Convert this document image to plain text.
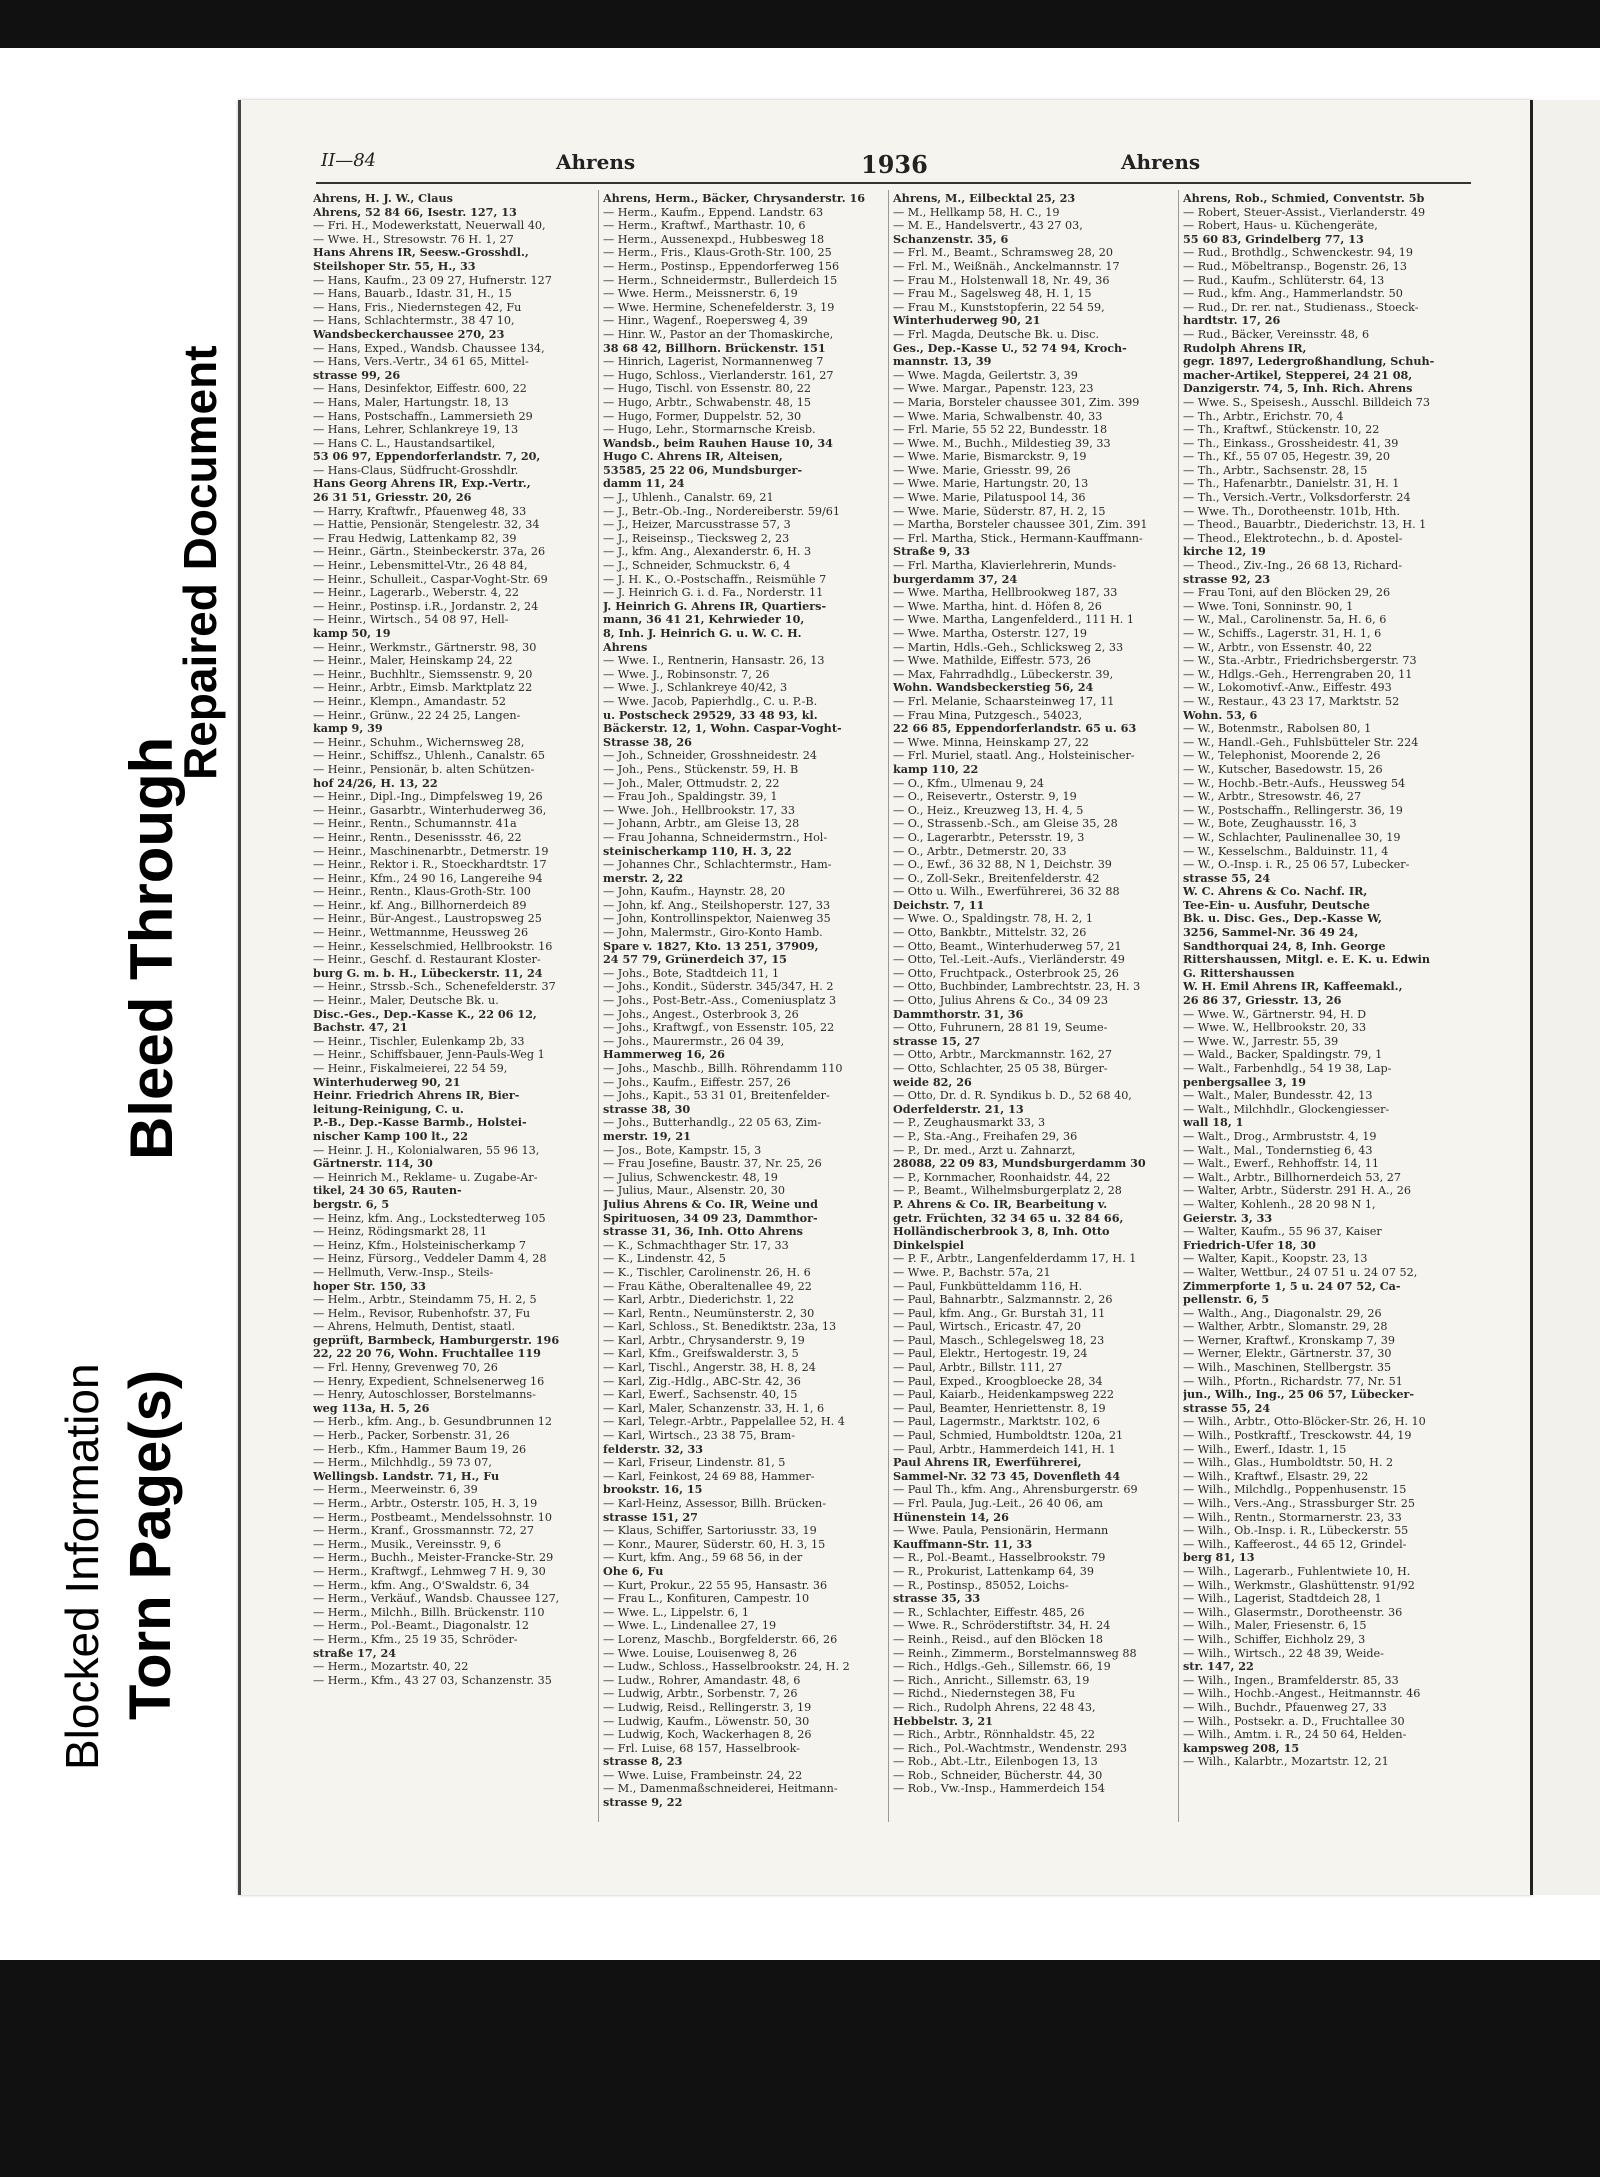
Blocked Information Torn Page(s)
Bleed Through
Repaired Document
II—84	Ahrens	1936	Ahrens
Ahrens, H. J. W., Claus
Ahrens, 52 84 66, Isestr. 127, 13
— Fri. H., Modewerkstatt, Neuerwall 40,
— Wwe. H., Stresowstr. 76 H. 1, 27
Hans Ahrens IR, Seesw.-Grosshdl.,
Steilshoper Str. 55, H., 33
— Hans, Kaufm., 23 09 27, Hufnerstr. 127
— Hans, Bauarb., Idastr. 31, H., 15
— Hans, Fris., Niedernstegen 42, Fu
— Hans, Schlachtermstr., 38 47 10,
Wandsbeckerchaussee 270, 23
— Hans, Exped., Wandsb. Chaussee 134,
— Hans, Vers.-Vertr., 34 61 65, Mittel-
strasse 99, 26
— Hans, Desinfektor, Eiffestr. 600, 22
— Hans, Maler, Hartungstr. 18, 13
— Hans, Postschaffn., Lammersieth 29
— Hans, Lehrer, Schlankreye 19, 13
— Hans C. L., Haustandsartikel,
53 06 97, Eppendorferlandstr. 7, 20,
— Hans-Claus, Südfrucht-Grosshdlr.
Hans Georg Ahrens IR, Exp.-Vertr.,
26 31 51, Griesstr. 20, 26
— Harry, Kraftwfr., Pfauenweg 48, 33
— Hattie, Pensionär, Stengelestr. 32, 34
— Frau Hedwig, Lattenkamp 82, 39
— Heinr., Gärtn., Steinbeckerstr. 37a, 26
— Heinr., Lebensmittel-Vtr., 26 48 84,
— Heinr., Schulleit., Caspar-Voght-Str. 69
— Heinr., Lagerarb., Weberstr. 4, 22
— Heinr., Postinsp. i.R., Jordanstr. 2, 24
— Heinr., Wirtsch., 54 08 97, Hell-
kamp 50, 19
— Heinr., Werkmstr., Gärtnerstr. 98, 30
— Heinr., Maler, Heinskamp 24, 22
— Heinr., Buchhltr., Siemssenstr. 9, 20
— Heinr., Arbtr., Eimsb. Marktplatz 22
— Heinr., Klempn., Amandastr. 52
— Heinr., Grünw., 22 24 25, Langen-
kamp 9, 39
— Heinr., Schuhm., Wichernsweg 28,
— Heinr., Schiffsz., Uhlenh., Canalstr. 65
— Heinr., Pensionär, b. alten Schützen-
hof 24/26, H. 13, 22
— Heinr., Dipl.-Ing., Dimpfelsweg 19, 26
— Heinr., Gasarbtr., Winterhuderweg 36,
— Heinr., Rentn., Schumannstr. 41a
— Heinr., Rentn., Desenissstr. 46, 22
— Heinr., Maschinenarbtr., Detmerstr. 19
— Heinr., Rektor i. R., Stoeckhardtstr. 17
— Heinr., Kfm., 24 90 16, Langereihe 94
— Heinr., Rentn., Klaus-Groth-Str. 100
— Heinr., kf. Ang., Billhornerdeich 89
— Heinr., Bür-Angest., Laustropsweg 25
— Heinr., Wettmannme, Heussweg 26
— Heinr., Kesselschmied, Hellbrookstr. 16
— Heinr., Geschf. d. Restaurant Kloster-
burg G. m. b. H., Lübeckerstr. 11, 24
— Heinr., Strssb.-Sch., Schenefelderstr. 37
— Heinr., Maler, Deutsche Bk. u.
Disc.-Ges., Dep.-Kasse K., 22 06 12,
Bachstr. 47, 21
— Heinr., Tischler, Eulenkamp 2b, 33
— Heinr., Schiffsbauer, Jenn-Pauls-Weg 1
— Heinr., Fiskalmeierei, 22 54 59,
Winterhuderweg 90, 21
Heinr. Friedrich Ahrens IR, Bier-
leitung-Reinigung, C. u.
P.-B., Dep.-Kasse Barmb., Holstei-
nischer Kamp 100 lt., 22
— Heinr. J. H., Kolonialwaren, 55 96 13,
Gärtnerstr. 114, 30
— Heinrich M., Reklame- u. Zugabe-Ar-
tikel, 24 30 65, Rauten-
bergstr. 6, 5
— Heinz, kfm. Ang., Lockstedterweg 105
— Heinz, Rödingsmarkt 28, 11
— Heinz, Kfm., Holsteinischerkamp 7
— Heinz, Fürsorg., Veddeler Damm 4, 28
— Hellmuth, Verw.-Insp., Steils-
hoper Str. 150, 33
— Helm., Arbtr., Steindamm 75, H. 2, 5
— Helm., Revisor, Rubenhofstr. 37, Fu
— Ahrens, Helmuth, Dentist, staatl.
geprüft, Barmbeck, Hamburgerstr. 196
22, 22 20 76, Wohn. Fruchtallee 119
— Frl. Henny, Grevenweg 70, 26
— Henry, Expedient, Schnelsenerweg 16
— Henry, Autoschlosser, Borstelmanns-
weg 113a, H. 5, 26
— Herb., kfm. Ang., b. Gesundbrunnen 12
— Herb., Packer, Sorbenstr. 31, 26
— Herb., Kfm., Hammer Baum 19, 26
— Herm., Milchhdlg., 59 73 07,
Wellingsb. Landstr. 71, H., Fu
— Herm., Meerweinstr. 6, 39
— Herm., Arbtr., Osterstr. 105, H. 3, 19
— Herm., Postbeamt., Mendelssohnstr. 10
— Herm., Kranf., Grossmannstr. 72, 27
— Herm., Musik., Vereinsstr. 9, 6
— Herm., Buchh., Meister-Francke-Str. 29
— Herm., Kraftwgf., Lehmweg 7 H. 9, 30
— Herm., kfm. Ang., O'Swaldstr. 6, 34
— Herm., Verkäuf., Wandsb. Chaussee 127,
— Herm., Milchh., Billh. Brückenstr. 110
— Herm., Pol.-Beamt., Diagonalstr. 12
— Herm., Kfm., 25 19 35, Schröder-
straße 17, 24
— Herm., Mozartstr. 40, 22
— Herm., Kfm., 43 27 03, Schanzenstr. 35
Ahrens, Herm., Bäcker, Chrysanderstr. 16
— Herm., Kaufm., Eppend. Landstr. 63
— Herm., Kraftwf., Marthastr. 10, 6
— Herm., Aussenexpd., Hubbesweg 18
— Herm., Fris., Klaus-Groth-Str. 100, 25
— Herm., Postinsp., Eppendorferweg 156
— Herm., Schneidermstr., Bullerdeich 15
— Wwe. Herm., Meissnerstr. 6, 19
— Wwe. Hermine, Schenefelderstr. 3, 19
— Hinr., Wagenf., Roepersweg 4, 39
— Hinr. W., Pastor an der Thomaskirche,
38 68 42, Billhorn. Brückenstr. 151
— Hinrich, Lagerist, Normannenweg 7
— Hugo, Schloss., Vierlanderstr. 161, 27
— Hugo, Tischl. von Essenstr. 80, 22
— Hugo, Arbtr., Schwabenstr. 48, 15
— Hugo, Former, Duppelstr. 52, 30
— Hugo, Lehr., Stormarnsche Kreisb.
Wandsb., beim Rauhen Hause 10, 34
Hugo C. Ahrens IR, Alteisen,
53585, 25 22 06, Mundsburger-
damm 11, 24
— J., Uhlenh., Canalstr. 69, 21
— J., Betr.-Ob.-Ing., Nordereiberstr. 59/61
— J., Heizer, Marcusstrasse 57, 3
— J., Reiseinsp., Tiecksweg 2, 23
— J., kfm. Ang., Alexanderstr. 6, H. 3
— J., Schneider, Schmuckstr. 6, 4
— J. H. K., O.-Postschaffn., Reismühle 7
— J. Heinrich G. i. d. Fa., Norderstr. 11
J. Heinrich G. Ahrens IR, Quartiers-
mann, 36 41 21, Kehrwieder 10,
8, Inh. J. Heinrich G. u. W. C. H.
Ahrens
— Wwe. I., Rentnerin, Hansastr. 26, 13
— Wwe. J., Robinsonstr. 7, 26
— Wwe. J., Schlankreye 40/42, 3
— Wwe. Jacob, Papierhdlg., C. u. P.-B.
u. Postscheck 29529, 33 48 93, kl.
Bäckerstr. 12, 1, Wohn. Caspar-Voght-
Strasse 38, 26
— Joh., Schneider, Grosshneidestr. 24
— Joh., Pens., Stückenstr. 59, H. B
— Joh., Maler, Ottmudstr. 2, 22
— Frau Joh., Spaldingstr. 39, 1
— Wwe. Joh., Hellbrookstr. 17, 33
— Johann, Arbtr., am Gleise 13, 28
— Frau Johanna, Schneidermstrn., Hol-
steinischerkamp 110, H. 3, 22
— Johannes Chr., Schlachtermstr., Ham-
merstr. 2, 22
— John, Kaufm., Haynstr. 28, 20
— John, kf. Ang., Steilshoperstr. 127, 33
— John, Kontrollinspektor, Naienweg 35
— John, Malermstr., Giro-Konto Hamb.
Spare v. 1827, Kto. 13 251, 37909,
24 57 79, Grünerdeich 37, 15
— Johs., Bote, Stadtdeich 11, 1
— Johs., Kondit., Süderstr. 345/347, H. 2
— Johs., Post-Betr.-Ass., Comeniusplatz 3
— Johs., Angest., Osterbrook 3, 26
— Johs., Kraftwgf., von Essenstr. 105, 22
— Johs., Maurermstr., 26 04 39,
Hammerweg 16, 26
— Johs., Maschb., Billh. Röhrendamm 110
— Johs., Kaufm., Eiffestr. 257, 26
— Johs., Kapit., 53 31 01, Breitenfelder-
strasse 38, 30
— Johs., Butterhandlg., 22 05 63, Zim-
merstr. 19, 21
— Jos., Bote, Kampstr. 15, 3
— Frau Josefine, Baustr. 37, Nr. 25, 26
— Julius, Schwenckestr. 48, 19
— Julius, Maur., Alsenstr. 20, 30
Julius Ahrens & Co. IR, Weine und
Spirituosen, 34 09 23, Dammthor-
strasse 31, 36, Inh. Otto Ahrens
— K., Schmachthager Str. 17, 33
— K., Lindenstr. 42, 5
— K., Tischler, Carolinenstr. 26, H. 6
— Frau Käthe, Oberaltenallee 49, 22
— Karl, Arbtr., Diederichstr. 1, 22
— Karl, Rentn., Neumünsterstr. 2, 30
— Karl, Schloss., St. Benediktstr. 23a, 13
— Karl, Arbtr., Chrysanderstr. 9, 19
— Karl, Kfm., Greifswalderstr. 3, 5
— Karl, Tischl., Angerstr. 38, H. 8, 24
— Karl, Zig.-Hdlg., ABC-Str. 42, 36
— Karl, Ewerf., Sachsenstr. 40, 15
— Karl, Maler, Schanzenstr. 33, H. 1, 6
— Karl, Telegr.-Arbtr., Pappelallee 52, H. 4
— Karl, Wirtsch., 23 38 75, Bram-
felderstr. 32, 33
— Karl, Friseur, Lindenstr. 81, 5
— Karl, Feinkost, 24 69 88, Hammer-
brookstr. 16, 15
— Karl-Heinz, Assessor, Billh. Brücken-
strasse 151, 27
— Klaus, Schiffer, Sartoriusstr. 33, 19
— Konr., Maurer, Süderstr. 60, H. 3, 15
— Kurt, kfm. Ang., 59 68 56, in der
Ohe 6, Fu
— Kurt, Prokur., 22 55 95, Hansastr. 36
— Frau L., Konfituren, Campestr. 10
— Wwe. L., Lippelstr. 6, 1
— Wwe. L., Lindenallee 27, 19
— Lorenz, Maschb., Borgfelderstr. 66, 26
— Wwe. Louise, Louisenweg 8, 26
— Ludw., Schloss., Hasselbrookstr. 24, H. 2
— Ludw., Rohrer, Amandastr. 48, 6
— Ludwig, Arbtr., Sorbenstr. 7, 26
— Ludwig, Reisd., Rellingerstr. 3, 19
— Ludwig, Kaufm., Löwenstr. 50, 30
— Ludwig, Koch, Wackerhagen 8, 26
— Frl. Luise, 68 157, Hasselbrook-
strasse 8, 23
— Wwe. Luise, Frambeinstr. 24, 22
— M., Damenmaßschneiderei, Heitmann-
strasse 9, 22
Ahrens, M., Eilbecktal 25, 23
— M., Hellkamp 58, H. C., 19
— M. E., Handelsvertr., 43 27 03,
Schanzenstr. 35, 6
— Frl. M., Beamt., Schramsweg 28, 20
— Frl. M., Weißnäh., Anckelmannstr. 17
— Frau M., Holstenwall 18, Nr. 49, 36
— Frau M., Sagelsweg 48, H. 1, 15
— Frau M., Kunststopferin, 22 54 59,
Winterhuderweg 90, 21
— Frl. Magda, Deutsche Bk. u. Disc.
Ges., Dep.-Kasse U., 52 74 94, Kroch-
mannstr. 13, 39
— Wwe. Magda, Geilertstr. 3, 39
— Wwe. Margar., Papenstr. 123, 23
— Maria, Borsteler chaussee 301, Zim. 399
— Wwe. Maria, Schwalbenstr. 40, 33
— Frl. Marie, 55 52 22, Bundesstr. 18
— Wwe. M., Buchh., Mildestieg 39, 33
— Wwe. Marie, Bismarckstr. 9, 19
— Wwe. Marie, Griesstr. 99, 26
— Wwe. Marie, Hartungstr. 20, 13
— Wwe. Marie, Pilatuspool 14, 36
— Wwe. Marie, Süderstr. 87, H. 2, 15
— Martha, Borsteler chaussee 301, Zim. 391
— Frl. Martha, Stick., Hermann-Kauffmann-
Straße 9, 33
— Frl. Martha, Klavierlehrerin, Munds-
burgerdamm 37, 24
— Wwe. Martha, Hellbrookweg 187, 33
— Wwe. Martha, hint. d. Höfen 8, 26
— Wwe. Martha, Langenfelderd., 111 H. 1
— Wwe. Martha, Osterstr. 127, 19
— Martin, Hdls.-Geh., Schlicksweg 2, 33
— Wwe. Mathilde, Eiffestr. 573, 26
— Max, Fahrradhdlg., Lübeckerstr. 39,
Wohn. Wandsbeckerstieg 56, 24
— Frl. Melanie, Schaarsteinweg 17, 11
— Frau Mina, Putzgesch., 54023,
22 66 85, Eppendorferlandstr. 65 u. 63
— Wwe. Minna, Heinskamp 27, 22
— Frl. Muriel, staatl. Ang., Holsteinischer-
kamp 110, 22
— O., Kfm., Ulmenau 9, 24
— O., Reisevertr., Osterstr. 9, 19
— O., Heiz., Kreuzweg 13, H. 4, 5
— O., Strassenb.-Sch., am Gleise 35, 28
— O., Lagerarbtr., Petersstr. 19, 3
— O., Arbtr., Detmerstr. 20, 33
— O., Ewf., 36 32 88, N 1, Deichstr. 39
— O., Zoll-Sekr., Breitenfelderstr. 42
— Otto u. Wilh., Ewerführerei, 36 32 88
Deichstr. 7, 11
— Wwe. O., Spaldingstr. 78, H. 2, 1
— Otto, Bankbtr., Mittelstr. 32, 26
— Otto, Beamt., Winterhuderweg 57, 21
— Otto, Tel.-Leit.-Aufs., Vierländerstr. 49
— Otto, Fruchtpack., Osterbrook 25, 26
— Otto, Buchbinder, Lambrechtstr. 23, H. 3
— Otto, Julius Ahrens & Co., 34 09 23
Dammthorstr. 31, 36
— Otto, Fuhrunern, 28 81 19, Seume-
strasse 15, 27
— Otto, Arbtr., Marckmannstr. 162, 27
— Otto, Schlachter, 25 05 38, Bürger-
weide 82, 26
— Otto, Dr. d. R. Syndikus b. D., 52 68 40,
Oderfelderstr. 21, 13
— P., Zeughausmarkt 33, 3
— P., Sta.-Ang., Freihafen 29, 36
— P., Dr. med., Arzt u. Zahnarzt,
28088, 22 09 83, Mundsburgerdamm 30
— P., Kornmacher, Roonhaidstr. 44, 22
— P., Beamt., Wilhelmsburgerplatz 2, 28
P. Ahrens & Co. IR, Bearbeitung v.
getr. Früchten, 32 34 65 u. 32 84 66,
Holländischerbrook 3, 8, Inh. Otto
Dinkelspiel
— P. F., Arbtr., Langenfelderdamm 17, H. 1
— Wwe. P., Bachstr. 57a, 21
— Paul, Funkbütteldamm 116, H.
— Paul, Bahnarbtr., Salzmannstr. 2, 26
— Paul, kfm. Ang., Gr. Burstah 31, 11
— Paul, Wirtsch., Ericastr. 47, 20
— Paul, Masch., Schlegelsweg 18, 23
— Paul, Elektr., Hertogestr. 19, 24
— Paul, Arbtr., Billstr. 111, 27
— Paul, Exped., Kroogbloecke 28, 34
— Paul, Kaiarb., Heidenkampsweg 222
— Paul, Beamter, Henriettenstr. 8, 19
— Paul, Lagermstr., Marktstr. 102, 6
— Paul, Schmied, Humboldtstr. 120a, 21
— Paul, Arbtr., Hammerdeich 141, H. 1
Paul Ahrens IR, Ewerführerei,
Sammel-Nr. 32 73 45, Dovenfleth 44
— Paul Th., kfm. Ang., Ahrensburgerstr. 69
— Frl. Paula, Jug.-Leit., 26 40 06, am
Hünenstein 14, 26
— Wwe. Paula, Pensionärin, Hermann
Kauffmann-Str. 11, 33
— R., Pol.-Beamt., Hasselbrookstr. 79
— R., Prokurist, Lattenkamp 64, 39
— R., Postinsp., 85052, Loichs-
strasse 35, 33
— R., Schlachter, Eiffestr. 485, 26
— Wwe. R., Schröderstiftstr. 34, H. 24
— Reinh., Reisd., auf den Blöcken 18
— Reinh., Zimmerm., Borstelmannsweg 88
— Rich., Hdlgs.-Geh., Sillemstr. 66, 19
— Rich., Anricht., Sillemstr. 63, 19
— Richd., Niedernstegen 38, Fu
— Rich., Rudolph Ahrens, 22 48 43,
Hebbelstr. 3, 21
— Rich., Arbtr., Rönnhaldstr. 45, 22
— Rich., Pol.-Wachtmstr., Wendenstr. 293
— Rob., Abt.-Ltr., Eilenbogen 13, 13
— Rob., Schneider, Bücherstr. 44, 30
— Rob., Vw.-Insp., Hammerdeich 154
Ahrens, Rob., Schmied, Conventstr. 5b
— Robert, Steuer-Assist., Vierlanderstr. 49
— Robert, Haus- u. Küchengeräte,
55 60 83, Grindelberg 77, 13
— Rud., Brothdlg., Schwenckestr. 94, 19
— Rud., Möbeltransp., Bogenstr. 26, 13
— Rud., Kaufm., Schlüterstr. 64, 13
— Rud., kfm. Ang., Hammerlandstr. 50
— Rud., Dr. rer. nat., Studienass., Stoeck-
hardtstr. 17, 26
— Rud., Bäcker, Vereinsstr. 48, 6
Rudolph Ahrens IR,
gegr. 1897, Ledergroßhandlung, Schuh-
macher-Artikel, Stepperei, 24 21 08,
Danzigerstr. 74, 5, Inh. Rich. Ahrens
— Wwe. S., Speisesh., Ausschl. Billdeich 73
— Th., Arbtr., Erichstr. 70, 4
— Th., Kraftwf., Stückenstr. 10, 22
— Th., Einkass., Grossheidestr. 41, 39
— Th., Kf., 55 07 05, Hegestr. 39, 20
— Th., Arbtr., Sachsenstr. 28, 15
— Th., Hafenarbtr., Danielstr. 31, H. 1
— Th., Versich.-Vertr., Volksdorferstr. 24
— Wwe. Th., Dorotheenstr. 101b, Hth.
— Theod., Bauarbtr., Diederichstr. 13, H. 1
— Theod., Elektrotechn., b. d. Apostel-
kirche 12, 19
— Theod., Ziv.-Ing., 26 68 13, Richard-
strasse 92, 23
— Frau Toni, auf den Blöcken 29, 26
— Wwe. Toni, Sonninstr. 90, 1
— W., Mal., Carolinenstr. 5a, H. 6, 6
— W., Schiffs., Lagerstr. 31, H. 1, 6
— W., Arbtr., von Essenstr. 40, 22
— W., Sta.-Arbtr., Friedrichsbergerstr. 73
— W., Hdlgs.-Geh., Herrengraben 20, 11
— W., Lokomotivf.-Anw., Eiffestr. 493
— W., Restaur., 43 23 17, Marktstr. 52
Wohn. 53, 6
— W., Botenmstr., Rabolsen 80, 1
— W., Handl.-Geh., Fuhlsbütteler Str. 224
— W., Telephonist, Moorende 2, 26
— W., Kutscher, Basedowstr. 15, 26
— W., Hochb.-Betr.-Aufs., Heussweg 54
— W., Arbtr., Stresowstr. 46, 27
— W., Postschaffn., Rellingerstr. 36, 19
— W., Bote, Zeughausstr. 16, 3
— W., Schlachter, Paulinenallee 30, 19
— W., Kesselschm., Balduinstr. 11, 4
— W., O.-Insp. i. R., 25 06 57, Lubecker-
strasse 55, 24
W. C. Ahrens & Co. Nachf. IR,
Tee-Ein- u. Ausfuhr, Deutsche
Bk. u. Disc. Ges., Dep.-Kasse W,
3256, Sammel-Nr. 36 49 24,
Sandthorquai 24, 8, Inh. George
Rittershaussen, Mitgl. e. E. K. u. Edwin
G. Rittershaussen
W. H. Emil Ahrens IR, Kaffeemakl.,
26 86 37, Griesstr. 13, 26
— Wwe. W., Gärtnerstr. 94, H. D
— Wwe. W., Hellbrookstr. 20, 33
— Wwe. W., Jarrestr. 55, 39
— Wald., Backer, Spaldingstr. 79, 1
— Walt., Farbenhdlg., 54 19 38, Lap-
penbergsallee 3, 19
— Walt., Maler, Bundesstr. 42, 13
— Walt., Milchhdlr., Glockengiesser-
wall 18, 1
— Walt., Drog., Armbruststr. 4, 19
— Walt., Mal., Tondernstieg 6, 43
— Walt., Ewerf., Rehhoffstr. 14, 11
— Walt., Arbtr., Billhornerdeich 53, 27
— Walter, Arbtr., Süderstr. 291 H. A., 26
— Walter, Kohlenh., 28 20 98 N 1,
Geierstr. 3, 33
— Walter, Kaufm., 55 96 37, Kaiser
Friedrich-Ufer 18, 30
— Walter, Kapit., Koopstr. 23, 13
— Walter, Wettbur., 24 07 51 u. 24 07 52,
Zimmerpforte 1, 5 u. 24 07 52, Ca-
pellenstr. 6, 5
— Walth., Ang., Diagonalstr. 29, 26
— Walther, Arbtr., Slomanstr. 29, 28
— Werner, Kraftwf., Kronskamp 7, 39
— Werner, Elektr., Gärtnerstr. 37, 30
— Wilh., Maschinen, Stellbergstr. 35
— Wilh., Pfortn., Richardstr. 77, Nr. 51
jun., Wilh., Ing., 25 06 57, Lübecker-
strasse 55, 24
— Wilh., Arbtr., Otto-Blöcker-Str. 26, H. 10
— Wilh., Postkraftf., Tresckowstr. 44, 19
— Wilh., Ewerf., Idastr. 1, 15
— Wilh., Glas., Humboldtstr. 50, H. 2
— Wilh., Kraftwf., Elsastr. 29, 22
— Wilh., Milchdlg., Poppenhusenstr. 15
— Wilh., Vers.-Ang., Strassburger Str. 25
— Wilh., Rentn., Stormarnerstr. 23, 33
— Wilh., Ob.-Insp. i. R., Lübeckerstr. 55
— Wilh., Kaffeerost., 44 65 12, Grindel-
berg 81, 13
— Wilh., Lagerarb., Fuhlentwiete 10, H.
— Wilh., Werkmstr., Glashüttenstr. 91/92
— Wilh., Lagerist, Stadtdeich 28, 1
— Wilh., Glasermstr., Dorotheenstr. 36
— Wilh., Maler, Friesenstr. 6, 15
— Wilh., Schiffer, Eichholz 29, 3
— Wilh., Wirtsch., 22 48 39, Weide-
str. 147, 22
— Wilh., Ingen., Bramfelderstr. 85, 33
— Wilh., Hochb.-Angest., Heitmannstr. 46
— Wilh., Buchdr., Pfauenweg 27, 33
— Wilh., Postsekr. a. D., Fruchtallee 30
— Wilh., Amtm. i. R., 24 50 64, Helden-
kampsweg 208, 15
— Wilh., Kalarbtr., Mozartstr. 12, 21
